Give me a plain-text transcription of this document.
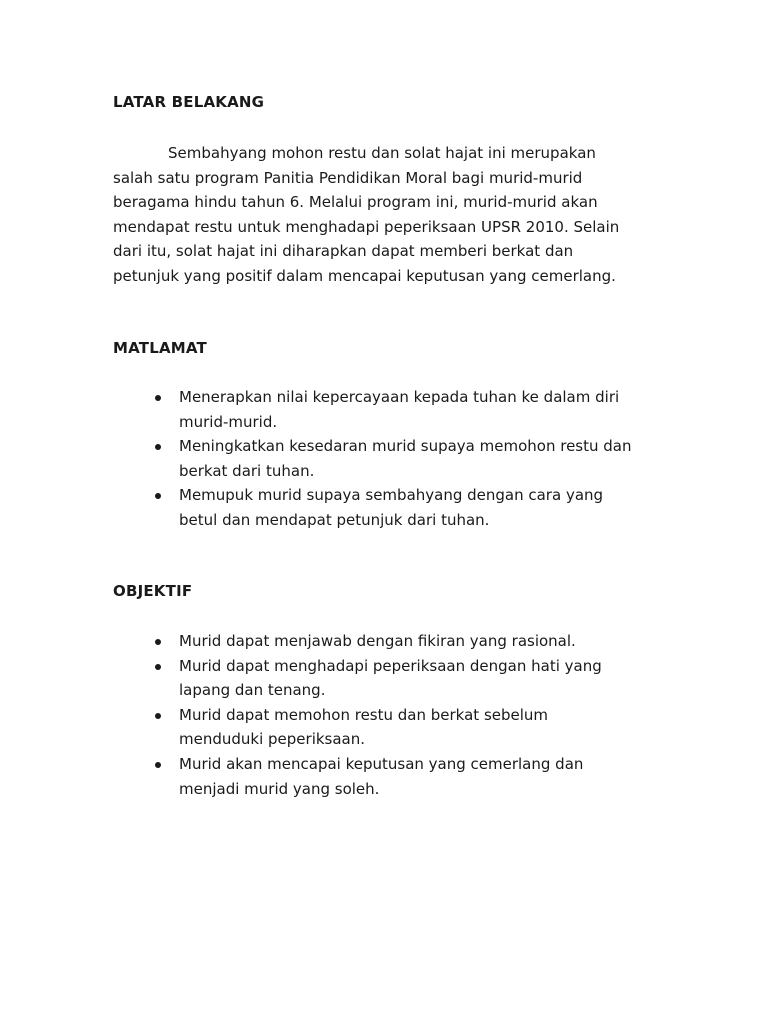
LATAR BELAKANG

Sembahyang mohon restu dan solat hajat ini merupakan
salah satu program Panitia Pendidikan Moral bagi murid-murid
beragama hindu tahun 6. Melalui program ini, murid-murid akan
mendapat restu untuk menghadapi peperiksaan UPSR 2010. Selain
dari itu, solat hajat ini diharapkan dapat memberi berkat dan
petunjuk yang positif dalam mencapai keputusan yang cemerlang.

MATLAMAT
Menerapkan nilai kepercayaan kepada tuhan ke dalam diri
murid-murid.
Meningkatkan kesedaran murid supaya memohon restu dan
berkat dari tuhan.
Memupuk murid supaya sembahyang dengan cara yang
betul dan mendapat petunjuk dari tuhan.
OBJEKTIF
Murid dapat menjawab dengan fikiran yang rasional.
Murid dapat menghadapi peperiksaan dengan hati yang
lapang dan tenang.
Murid dapat memohon restu dan berkat sebelum
menduduki peperiksaan.
Murid akan mencapai keputusan yang cemerlang dan
menjadi murid yang soleh.
